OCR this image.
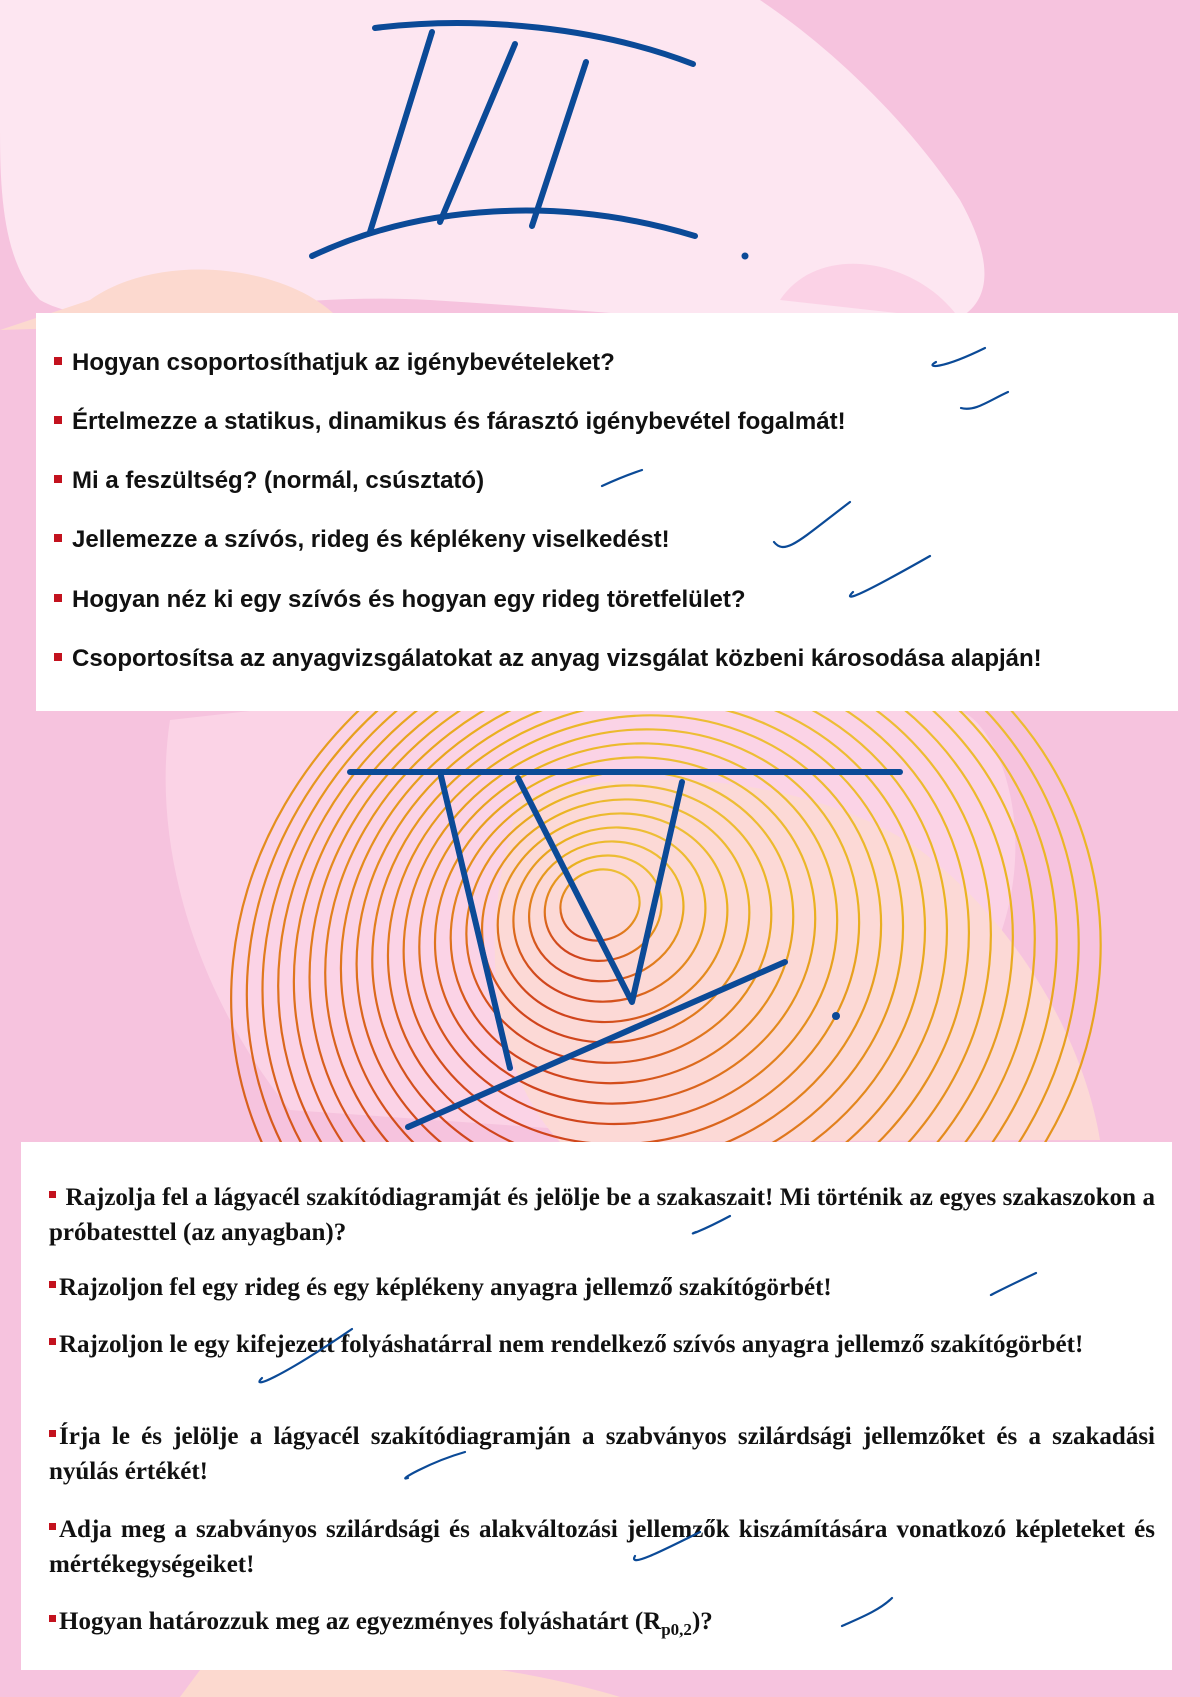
Hogyan csoportosíthatjuk az igénybevételeket?
Értelmezze a statikus, dinamikus és fárasztó igénybevétel fogalmát!
Mi a feszültség? (normál, csúsztató)
Jellemezze a szívós, rideg és képlékeny viselkedést!
Hogyan néz ki egy szívós és hogyan egy rideg töretfelület?
Csoportosítsa az anyagvizsgálatokat az anyag vizsgálat közbeni károsodása alapján!
Rajzolja fel a lágyacél szakítódiagramját és jelölje be a szakaszait! Mi történik az egyes szakaszokon a próbatesttel (az anyagban)?
Rajzoljon fel egy rideg és egy képlékeny anyagra jellemző szakítógörbét!
Rajzoljon le egy kifejezett folyáshatárral nem rendelkező szívós anyagra jellemző szakítógörbét!
Írja le és jelölje a lágyacél szakítódiagramján a szabványos szilárdsági jellemzőket és a szakadási nyúlás értékét!
Adja meg a szabványos szilárdsági és alakváltozási jellemzők kiszámítására vonatkozó képleteket és mértékegységeiket!
Hogyan határozzuk meg az egyezményes folyáshatárt $(R_{p0,2})$?
